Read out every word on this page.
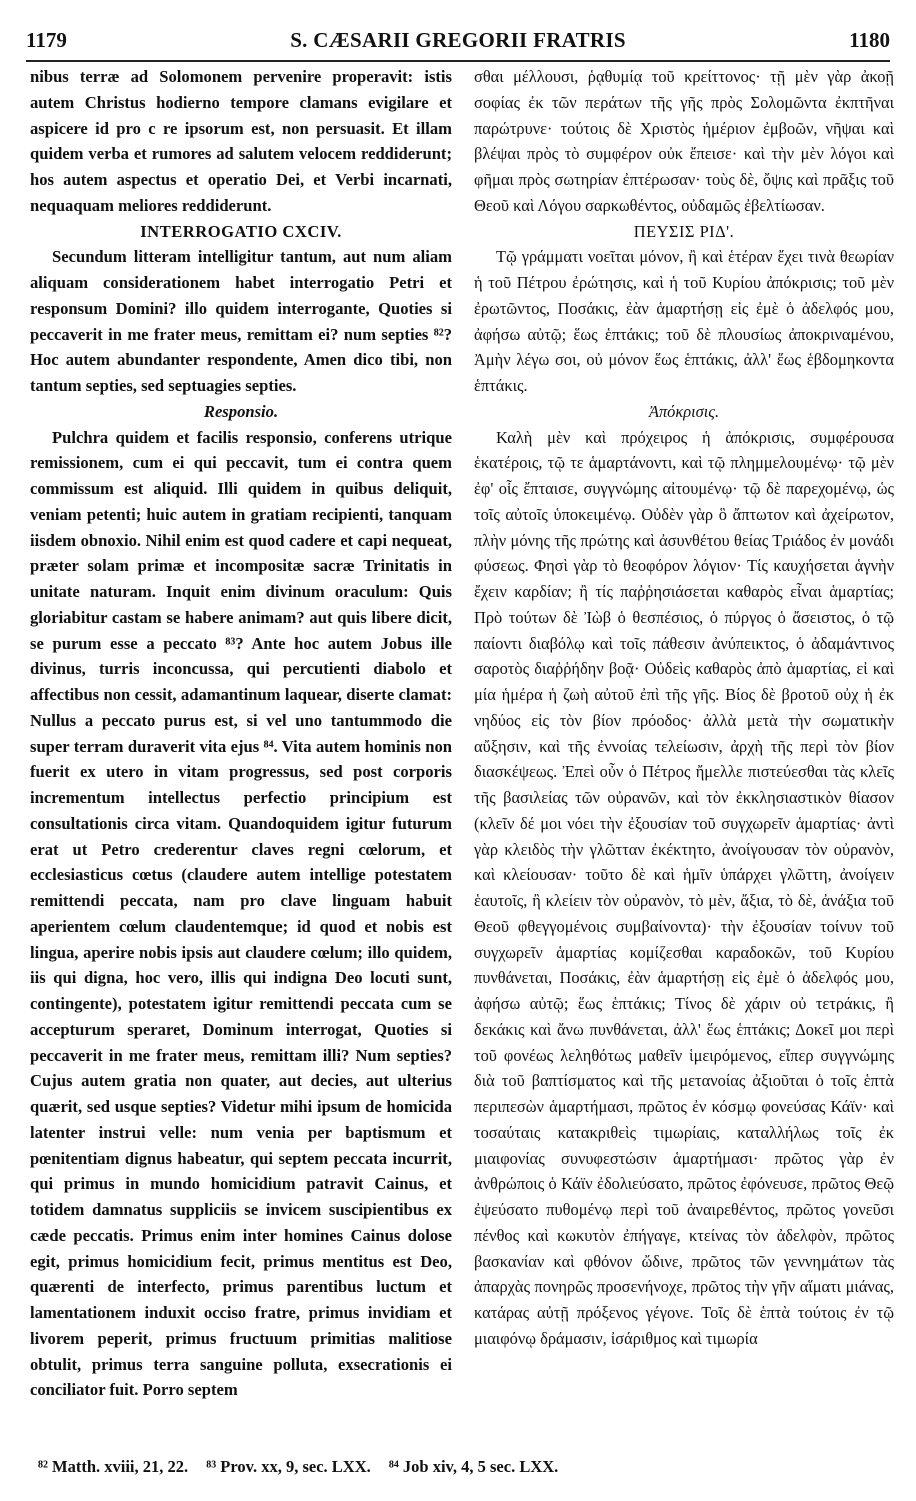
1179	S. CÆSARII GREGORII FRATRIS	1180

nibus terræ ad Solomonem pervenire properavit: istis autem Christus hodierno tempore clamans evigilare et aspicere id pro c re ipsorum est, non persuasit. Et illam quidem verba et rumores ad salutem velocem reddiderunt; hos autem aspectus et operatio Dei, et Verbi incarnati, nequaquam meliores reddiderunt.

INTERROGATIO CXCIV.

Secundum litteram intelligitur tantum, aut num aliam aliquam considerationem habet interrogatio Petri et responsum Domini? illo quidem interrogante, Quoties si peccaverit in me frater meus, remittam ei? num septies ⁸²? Hoc autem abundanter respondente, Amen dico tibi, non tantum septies, sed septuagies septies.

Responsio.

Pulchra quidem et facilis responsio, conferens utrique remissionem, cum ei qui peccavit, tum ei contra quem commissum est aliquid. Illi quidem in quibus deliquit, veniam petenti; huic autem in gratiam recipienti, tanquam iisdem obnoxio. Nihil enim est quod cadere et capi nequeat, præter solam primæ et incompositæ sacræ Trinitatis in unitate naturam. Inquit enim divinum oraculum: Quis gloriabitur castam se habere animam? aut quis libere dicit, se purum esse a peccato ⁸³? Ante hoc autem Jobus ille divinus, turris inconcussa, qui percutienti diabolo et affectibus non cessit, adamantinum laquear, diserte clamat: Nullus a peccato purus est, si vel uno tantummodo die super terram duraverit vita ejus ⁸⁴. Vita autem hominis non fuerit ex utero in vitam progressus, sed post corporis incrementum intellectus perfectio principium est consultationis circa vitam. Quandoquidem igitur futurum erat ut Petro crederentur claves regni cœlorum, et ecclesiasticus cœtus (claudere autem intellige potestatem remittendi peccata, nam pro clave linguam habuit aperientem cœlum claudentemque; id quod et nobis est lingua, aperire nobis ipsis aut claudere cœlum; illo quidem, iis qui digna, hoc vero, illis qui indigna Deo locuti sunt, contingente), potestatem igitur remittendi peccata cum se accepturum speraret, Dominum interrogat, Quoties si peccaverit in me frater meus, remittam illi? Num septies? Cujus autem gratia non quater, aut decies, aut ulterius quærit, sed usque septies? Videtur mihi ipsum de homicida latenter instrui velle: num venia per baptismum et pœnitentiam dignus habeatur, qui septem peccata incurrit, qui primus in mundo homicidium patravit Cainus, et totidem damnatus suppliciis se invicem suscipientibus ex cæde peccatis. Primus enim inter homines Cainus dolose egit, primus homicidium fecit, primus mentitus est Deo, quærenti de interfecto, primus parentibus luctum et lamentationem induxit occiso fratre, primus invidiam et livorem peperit, primus fructuum primitias malitiose obtulit, primus terra sanguine polluta, exsecrationis ei conciliator fuit. Porro septem

σθαι μέλλουσι, ῥᾳθυμίᾳ τοῦ κρείττονος· τῇ μὲν γὰρ ἀκοῇ σοφίας ἐκ τῶν περάτων τῆς γῆς πρὸς Σολομῶντα ἐκπτῆναι παρώτρυνε· τούτοις δὲ Χριστὸς ἡμέριον ἐμβοῶν, νῆψαι καὶ βλέψαι πρὸς τὸ συμφέρον οὐκ ἔπεισε· καὶ τὴν μὲν λόγοι καὶ φῆμαι πρὸς σωτηρίαν ἐπτέρωσαν· τοὺς δὲ, ὄψις καὶ πρᾶξις τοῦ Θεοῦ καὶ Λόγου σαρκωθέντος, οὐδαμῶς ἐβελτίωσαν.

ΠΕΥΣΙΣ ΡΙΔ'.

Τῷ γράμματι νοεῖται μόνον, ἢ καὶ ἑτέραν ἔχει τινὰ θεωρίαν ἡ τοῦ Πέτρου ἐρώτησις, καὶ ἡ τοῦ Κυρίου ἀπόκρισις; τοῦ μὲν ἐρωτῶντος, Ποσάκις, ἐὰν ἁμαρτήσῃ εἰς ἐμὲ ὁ ἀδελφός μου, ἀφήσω αὐτῷ; ἕως ἑπτάκις; τοῦ δὲ πλουσίως ἀποκριναμένου, Ἀμὴν λέγω σοι, οὐ μόνον ἕως ἑπτάκις, ἀλλ' ἕως ἑβδομηκοντα ἑπτάκις.

Ἀπόκρισις.

Καλὴ μὲν καὶ πρόχειρος ἡ ἀπόκρισις, συμφέρουσα ἑκατέροις, τῷ τε ἁμαρτάνοντι, καὶ τῷ πλημμελουμένῳ· τῷ μὲν ἐφ' οἷς ἔπταισε, συγγνώμης αἰτουμένῳ· τῷ δὲ παρεχομένῳ, ὡς τοῖς αὐτοῖς ὑποκειμένῳ. Οὐδὲν γὰρ ὃ ἄπτωτον καὶ ἀχείρωτον, πλὴν μόνης τῆς πρώτης καὶ ἀσυνθέτου θείας Τριάδος ἐν μονάδι φύσεως. Φησὶ γὰρ τὸ θεοφόρον λόγιον· Τίς καυχήσεται ἁγνὴν ἔχειν καρδίαν; ἢ τίς παῤῥησιάσεται καθαρὸς εἶναι ἁμαρτίας; Πρὸ τούτων δὲ Ἰὼβ ὁ θεσπέσιος, ὁ πύργος ὁ ἄσειστος, ὁ τῷ παίοντι διαβόλῳ καὶ τοῖς πάθεσιν ἀνύπεικτος, ὁ ἀδαμάντινος σαροτὸς διαῤῥήδην βοᾷ· Οὐδεὶς καθαρὸς ἀπὸ ἁμαρτίας, εἰ καὶ μία ἡμέρα ἡ ζωὴ αὐτοῦ ἐπὶ τῆς γῆς. Βίος δὲ βροτοῦ οὐχ ἡ ἐκ νηδύος εἰς τὸν βίον πρόοδος· ἀλλὰ μετὰ τὴν σωματικὴν αὔξησιν, καὶ τῆς ἐννοίας τελείωσιν, ἀρχὴ τῆς περὶ τὸν βίον διασκέψεως. Ἐπεὶ οὖν ὁ Πέτρος ἤμελλε πιστεύεσθαι τὰς κλεῖς τῆς βασιλείας τῶν οὐρανῶν, καὶ τὸν ἐκκλησιαστικὸν θίασον (κλεῖν δέ μοι νόει τὴν ἐξουσίαν τοῦ συγχωρεῖν ἁμαρτίας· ἀντὶ γὰρ κλειδὸς τὴν γλῶτταν ἐκέκτητο, ἀνοίγουσαν τὸν οὐρανὸν, καὶ κλείουσαν· τοῦτο δὲ καὶ ἡμῖν ὑπάρχει γλῶττη, ἀνοίγειν ἑαυτοῖς, ἢ κλείειν τὸν οὐρανὸν, τὸ μὲν, ἄξια, τὸ δὲ, ἀνάξια τοῦ Θεοῦ φθεγγομένοις συμβαίνοντα)· τὴν ἐξουσίαν τοίνυν τοῦ συγχωρεῖν ἁμαρτίας κομίζεσθαι καραδοκῶν, τοῦ Κυρίου πυνθάνεται, Ποσάκις, ἐὰν ἁμαρτήσῃ εἰς ἐμὲ ὁ ἀδελφός μου, ἀφήσω αὐτῷ; ἕως ἑπτάκις; Τίνος δὲ χάριν οὐ τετράκις, ἢ δεκάκις καὶ ἄνω πυνθάνεται, ἀλλ' ἕως ἑπτάκις; Δοκεῖ μοι περὶ τοῦ φονέως λεληθότως μαθεῖν ἱμειρόμενος, εἴπερ συγγνώμης διὰ τοῦ βαπτίσματος καὶ τῆς μετανοίας ἀξιοῦται ὁ τοῖς ἑπτὰ περιπεσὼν ἁμαρτήμασι, πρῶτος ἐν κόσμῳ φονεύσας Κάϊν· καὶ τοσαύταις κατακριθεὶς τιμωρίαις, καταλλήλως τοῖς ἐκ μιαιφονίας συνυφεστώσιν ἁμαρτήμασι· πρῶτος γὰρ ἐν ἀνθρώποις ὁ Κάϊν ἐδολιεύσατο, πρῶτος ἐφόνευσε, πρῶτος Θεῷ ἐψεύσατο πυθομένῳ περὶ τοῦ ἀναιρεθέντος, πρῶτος γονεῦσι πένθος καὶ κωκυτὸν ἐπήγαγε, κτείνας τὸν ἀδελφὸν, πρῶτος βασκανίαν καὶ φθόνον ὤδινε, πρῶτος τῶν γεννημάτων τὰς ἀπαρχὰς πονηρῶς προσενήνοχε, πρῶτος τὴν γῆν αἵματι μιάνας, κατάρας αὐτῇ πρόξενος γέγονε. Τοῖς δὲ ἑπτὰ τούτοις ἐν τῷ μιαιφόνῳ δράμασιν, ἰσάριθμος καὶ τιμωρία

⁸² Matth. xviii, 21, 22. ⁸³ Prov. xx, 9, sec. LXX. ⁸⁴ Job xiv, 4, 5 sec. LXX.
